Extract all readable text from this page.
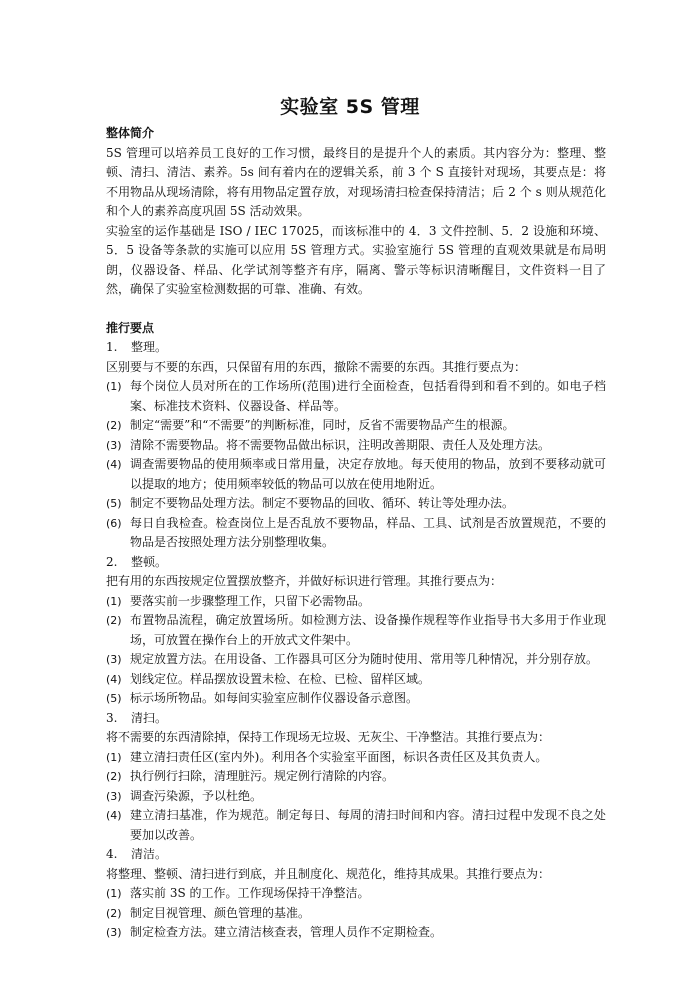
实验室 5S 管理

整体简介

5S 管理可以培养员工良好的工作习惯，最终目的是提升个人的素质。其内容分为：整理、整顿、清扫、清洁、素养。5s 间有着内在的逻辑关系，前 3 个 S 直接针对现场，其要点是：将不用物品从现场清除，将有用物品定置存放，对现场清扫检查保持清洁；后 2 个 s 则从规范化和个人的素养高度巩固 5S 活动效果。

实验室的运作基础是 ISO / IEC 17025，而该标准中的 4．3 文件控制、5．2 设施和环境、5．5 设备等条款的实施可以应用 5S 管理方式。实验室施行 5S 管理的直观效果就是布局明朗，仪器设备、样品、化学试剂等整齐有序，隔离、警示等标识清晰醒目，文件资料一目了然，确保了实验室检测数据的可靠、准确、有效。

推行要点

1. 整理。

区别要与不要的东西，只保留有用的东西，撤除不需要的东西。其推行要点为：

(1) 每个岗位人员对所在的工作场所(范围)进行全面检查，包括看得到和看不到的。如电子档案、标准技术资料、仪器设备、样品等。

(2) 制定“需要”和“不需要”的判断标准，同时，反省不需要物品产生的根源。

(3) 清除不需要物品。将不需要物品做出标识，注明改善期限、责任人及处理方法。

(4) 调查需要物品的使用频率或日常用量，决定存放地。每天使用的物品，放到不要移动就可以提取的地方；使用频率较低的物品可以放在使用地附近。

(5) 制定不要物品处理方法。制定不要物品的回收、循环、转让等处理办法。

(6) 每日自我检查。检查岗位上是否乱放不要物品，样品、工具、试剂是否放置规范，不要的物品是否按照处理方法分别整理收集。

2. 整顿。

把有用的东西按规定位置摆放整齐，并做好标识进行管理。其推行要点为：

(1) 要落实前一步骤整理工作，只留下必需物品。

(2) 布置物品流程，确定放置场所。如检测方法、设备操作规程等作业指导书大多用于作业现场，可放置在操作台上的开放式文件架中。

(3) 规定放置方法。在用设备、工作器具可区分为随时使用、常用等几种情况，并分别存放。

(4) 划线定位。样品摆放设置未检、在检、已检、留样区域。

(5) 标示场所物品。如每间实验室应制作仪器设备示意图。

3. 清扫。

将不需要的东西清除掉，保持工作现场无垃圾、无灰尘、干净整洁。其推行要点为：

(1) 建立清扫责任区(室内外)。利用各个实验室平面图，标识各责任区及其负责人。

(2) 执行例行扫除，清理脏污。规定例行清除的内容。

(3) 调查污染源，予以杜绝。

(4) 建立清扫基准，作为规范。制定每日、每周的清扫时间和内容。清扫过程中发现不良之处要加以改善。

4. 清洁。

将整理、整顿、清扫进行到底，并且制度化、规范化，维持其成果。其推行要点为：

(1) 落实前 3S 的工作。工作现场保持干净整洁。

(2) 制定目视管理、颜色管理的基准。

(3) 制定检查方法。建立清洁核查表，管理人员作不定期检查。
